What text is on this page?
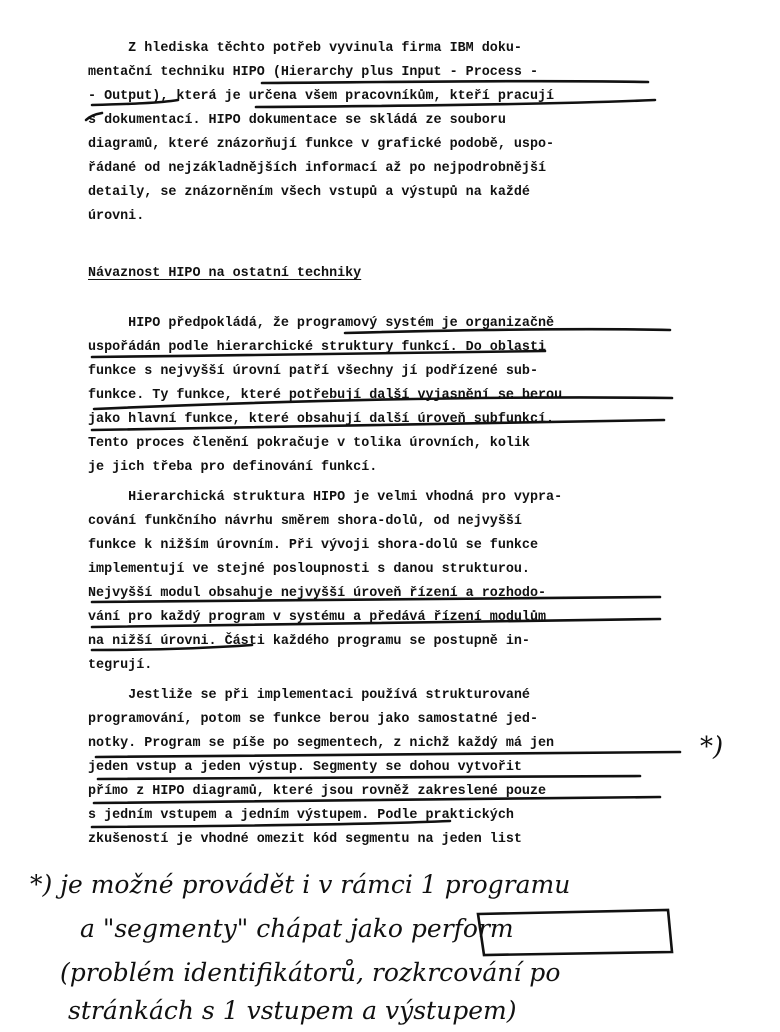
Z hlediska těchto potřeb vyvinula firma IBM doku-
mentační techniku HIPO (Hierarchy plus Input - Process -
- Output), která je určena všem pracovníkům, kteří pracují
s dokumentací. HIPO dokumentace se skládá ze souboru
diagramů, které znázorňují funkce v grafické podobě, uspo-
řádané od nejzákladnějších informací až po nejpodrobnější
detaily, se znázorněním všech vstupů a výstupů na každé
úrovni.
Návaznost HIPO na ostatní techniky
HIPO předpokládá, že programový systém je organizačně
uspořádán podle hierarchické struktury funkcí. Do oblasti
funkce s nejvyšší úrovní patří všechny jí podřízené sub-
funkce. Ty funkce, které potřebují další vyjasnění se berou
jako hlavní funkce, které obsahují další úroveň subfunkcí.
Tento proces členění pokračuje v tolika úrovních, kolik
je jich třeba pro definování funkcí.
Hierarchická struktura HIPO je velmi vhodná pro vypra-
cování funkčního návrhu směrem shora-dolů, od nejvyšší
funkce k nižším úrovním. Při vývoji shora-dolů se funkce
implementují ve stejné posloupnosti s danou strukturou.
Nejvyšší modul obsahuje nejvyšší úroveň řízení a rozhodo-
vání pro každý program v systému a předává řízení modulům
na nižší úrovni. Části každého programu se postupně in-
tegrují.
Jestliže se při implementaci používá strukturované
programování, potom se funkce berou jako samostatné jed-
notky. Program se píše po segmentech, z nichž každý má jen
jeden vstup a jeden výstup. Segmenty se dohou vytvořit
přímo z HIPO diagramů, které jsou rovněž zakreslené pouze
s jedním vstupem a jedním výstupem. Podle praktických
zkušeností je vhodné omezit kód segmentu na jeden list
*)
*) je možné provádět i v rámci 1 programu
a "segmenty" chápat jako perform
(problém identifikátorů, rozkrcování po
stránkách s 1 vstupem a výstupem)
